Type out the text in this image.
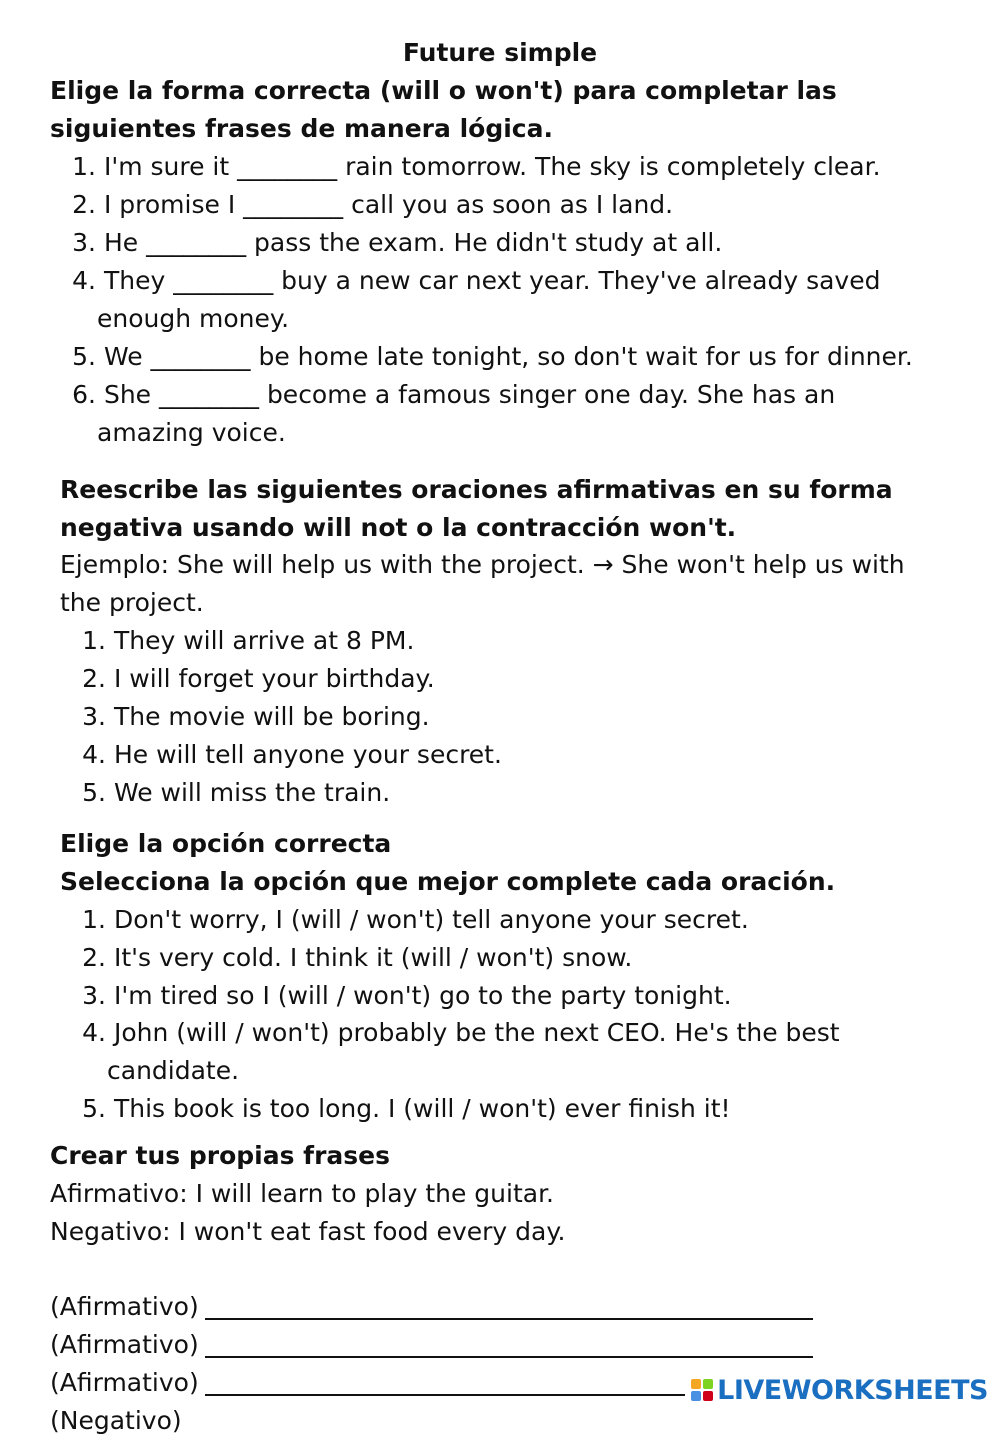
Future simple
Elige la forma correcta (will o won't) para completar las
siguientes frases de manera lógica.
1. I'm sure it ________ rain tomorrow. The sky is completely clear.
2. I promise I ________ call you as soon as I land.
3. He ________ pass the exam. He didn't study at all.
4. They ________ buy a new car next year. They've already saved
enough money.
5. We ________ be home late tonight, so don't wait for us for dinner.
6. She ________ become a famous singer one day. She has an
amazing voice.
Reescribe las siguientes oraciones afirmativas en su forma
negativa usando will not o la contracción won't.
Ejemplo: She will help us with the project. → She won't help us with
the project.
1. They will arrive at 8 PM.
2. I will forget your birthday.
3. The movie will be boring.
4. He will tell anyone your secret.
5. We will miss the train.
Elige la opción correcta
Selecciona la opción que mejor complete cada oración.
1. Don't worry, I (will / won't) tell anyone your secret.
2. It's very cold. I think it (will / won't) snow.
3. I'm tired so I (will / won't) go to the party tonight.
4. John (will / won't) probably be the next CEO. He's the best
candidate.
5. This book is too long. I (will / won't) ever finish it!
Crear tus propias frases
Afirmativo: I will learn to play the guitar.
Negativo: I won't eat fast food every day.
(Afirmativo)
(Afirmativo)
(Afirmativo)
(Negativo)
LIVEWORKSHEETS
